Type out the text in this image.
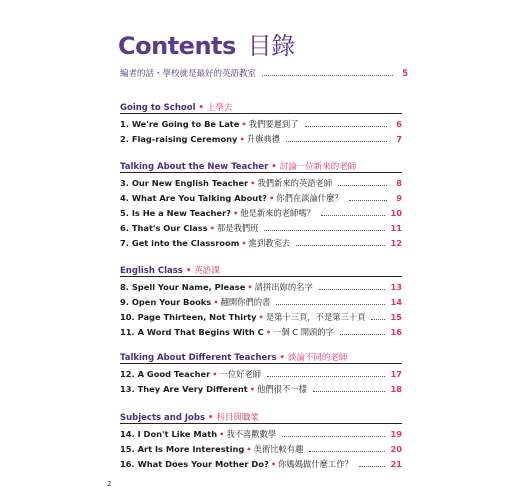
Contents 目錄
編者的話・學校就是最好的英語教室	5
Going to School • 上學去
1. We're Going to Be Late • 我們要遲到了	6
2. Flag-raising Ceremony • 升旗典禮	7
Talking About the New Teacher • 討論一位新來的老師
3. Our New English Teacher • 我們新來的英語老師	8
4. What Are You Talking About? • 你們在談論什麼？	9
5. Is He a New Teacher? • 他是新來的老師嗎？	10
6. That's Our Class • 那是我們班	11
7. Get into the Classroom • 進到教室去	12
English Class • 英語課
8. Spell Your Name, Please • 請拼出妳的名字	13
9. Open Your Books • 翻開你們的書	14
10. Page Thirteen, Not Thirty • 是第十三頁，不是第三十頁	15
11. A Word That Begins With C • 一個 C 開頭的字	16
Talking About Different Teachers • 談論不同的老師
12. A Good Teacher • 一位好老師	17
13. They Are Very Different • 他們很不一樣	18
Subjects and Jobs • 科目與職業
14. I Don't Like Math • 我不喜歡數學	19
15. Art Is More Interesting • 美術比較有趣	20
16. What Does Your Mother Do? • 你媽媽做什麼工作？	21
2
